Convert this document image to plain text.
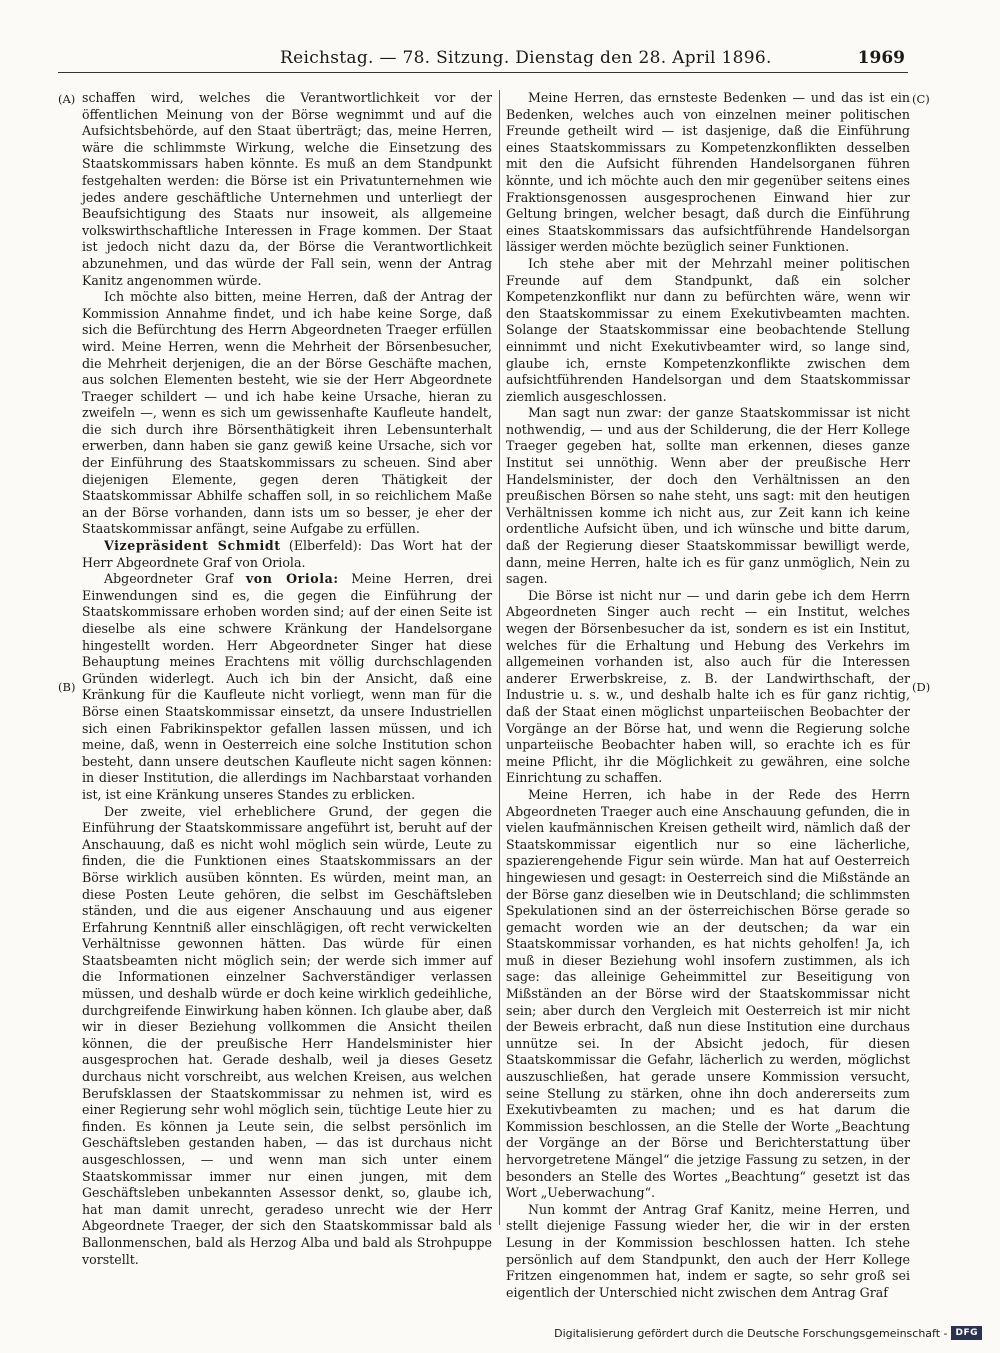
Reichstag. — 78. Sitzung. Dienstag den 28. April 1896.	1969
(A)
(B)
(C)
(D)

schaffen wird, welches die Verantwortlichkeit vor der öffentlichen Meinung von der Börse wegnimmt und auf die Aufsichtsbehörde, auf den Staat überträgt; das, meine Herren, wäre die schlimmste Wirkung, welche die Einsetzung des Staatskommissars haben könnte. Es muß an dem Standpunkt festgehalten werden: die Börse ist ein Privatunternehmen wie jedes andere geschäftliche Unternehmen und unterliegt der Beaufsichtigung des Staats nur insoweit, als allgemeine volkswirthschaftliche Interessen in Frage kommen. Der Staat ist jedoch nicht dazu da, der Börse die Verantwortlichkeit abzunehmen, und das würde der Fall sein, wenn der Antrag Kanitz angenommen würde.

Ich möchte also bitten, meine Herren, daß der Antrag der Kommission Annahme findet, und ich habe keine Sorge, daß sich die Befürchtung des Herrn Abgeordneten Traeger erfüllen wird. Meine Herren, wenn die Mehrheit der Börsenbesucher, die Mehrheit derjenigen, die an der Börse Geschäfte machen, aus solchen Elementen besteht, wie sie der Herr Abgeordnete Traeger schildert — und ich habe keine Ursache, hieran zu zweifeln —, wenn es sich um gewissenhafte Kaufleute handelt, die sich durch ihre Börsenthätigkeit ihren Lebensunterhalt erwerben, dann haben sie ganz gewiß keine Ursache, sich vor der Einführung des Staatskommissars zu scheuen. Sind aber diejenigen Elemente, gegen deren Thätigkeit der Staatskommissar Abhilfe schaffen soll, in so reichlichem Maße an der Börse vorhanden, dann ists um so besser, je eher der Staatskommissar anfängt, seine Aufgabe zu erfüllen.

Vizepräsident Schmidt (Elberfeld): Das Wort hat der Herr Abgeordnete Graf von Oriola.

Abgeordneter Graf von Oriola: Meine Herren, drei Einwendungen sind es, die gegen die Einführung der Staatskommissare erhoben worden sind; auf der einen Seite ist dieselbe als eine schwere Kränkung der Handelsorgane hingestellt worden. Herr Abgeordneter Singer hat diese Behauptung meines Erachtens mit völlig durchschlagenden Gründen widerlegt. Auch ich bin der Ansicht, daß eine Kränkung für die Kaufleute nicht vorliegt, wenn man für die Börse einen Staatskommissar einsetzt, da unsere Industriellen sich einen Fabrikinspektor gefallen lassen müssen, und ich meine, daß, wenn in Oesterreich eine solche Institution schon besteht, dann unsere deutschen Kaufleute nicht sagen können: in dieser Institution, die allerdings im Nachbarstaat vorhanden ist, ist eine Kränkung unseres Standes zu erblicken.

Der zweite, viel erheblichere Grund, der gegen die Einführung der Staatskommissare angeführt ist, beruht auf der Anschauung, daß es nicht wohl möglich sein würde, Leute zu finden, die die Funktionen eines Staatskommissars an der Börse wirklich ausüben könnten. Es würden, meint man, an diese Posten Leute gehören, die selbst im Geschäftsleben ständen, und die aus eigener Anschauung und aus eigener Erfahrung Kenntniß aller einschlägigen, oft recht verwickelten Verhältnisse gewonnen hätten. Das würde für einen Staatsbeamten nicht möglich sein; der werde sich immer auf die Informationen einzelner Sachverständiger verlassen müssen, und deshalb würde er doch keine wirklich gedeihliche, durchgreifende Einwirkung haben können. Ich glaube aber, daß wir in dieser Beziehung vollkommen die Ansicht theilen können, die der preußische Herr Handelsminister hier ausgesprochen hat. Gerade deshalb, weil ja dieses Gesetz durchaus nicht vorschreibt, aus welchen Kreisen, aus welchen Berufsklassen der Staatskommissar zu nehmen ist, wird es einer Regierung sehr wohl möglich sein, tüchtige Leute hier zu finden. Es können ja Leute sein, die selbst persönlich im Geschäftsleben gestanden haben, — das ist durchaus nicht ausgeschlossen, — und wenn man sich unter einem Staatskommissar immer nur einen jungen, mit dem Geschäftsleben unbekannten Assessor denkt, so, glaube ich, hat man damit unrecht, geradeso unrecht wie der Herr Abgeordnete Traeger, der sich den Staatskommissar bald als Ballonmenschen, bald als Herzog Alba und bald als Strohpuppe vorstellt.

Meine Herren, das ernsteste Bedenken — und das ist ein Bedenken, welches auch von einzelnen meiner politischen Freunde getheilt wird — ist dasjenige, daß die Einführung eines Staatskommissars zu Kompetenzkonflikten desselben mit den die Aufsicht führenden Handelsorganen führen könnte, und ich möchte auch den mir gegenüber seitens eines Fraktionsgenossen ausgesprochenen Einwand hier zur Geltung bringen, welcher besagt, daß durch die Einführung eines Staatskommissars das aufsichtführende Handelsorgan lässiger werden möchte bezüglich seiner Funktionen.

Ich stehe aber mit der Mehrzahl meiner politischen Freunde auf dem Standpunkt, daß ein solcher Kompetenzkonflikt nur dann zu befürchten wäre, wenn wir den Staatskommissar zu einem Exekutivbeamten machten. Solange der Staatskommissar eine beobachtende Stellung einnimmt und nicht Exekutivbeamter wird, so lange sind, glaube ich, ernste Kompetenzkonflikte zwischen dem aufsichtführenden Handelsorgan und dem Staatskommissar ziemlich ausgeschlossen.

Man sagt nun zwar: der ganze Staatskommissar ist nicht nothwendig, — und aus der Schilderung, die der Herr Kollege Traeger gegeben hat, sollte man erkennen, dieses ganze Institut sei unnöthig. Wenn aber der preußische Herr Handelsminister, der doch den Verhältnissen an den preußischen Börsen so nahe steht, uns sagt: mit den heutigen Verhältnissen komme ich nicht aus, zur Zeit kann ich keine ordentliche Aufsicht üben, und ich wünsche und bitte darum, daß der Regierung dieser Staatskommissar bewilligt werde, dann, meine Herren, halte ich es für ganz unmöglich, Nein zu sagen.

Die Börse ist nicht nur — und darin gebe ich dem Herrn Abgeordneten Singer auch recht — ein Institut, welches wegen der Börsenbesucher da ist, sondern es ist ein Institut, welches für die Erhaltung und Hebung des Verkehrs im allgemeinen vorhanden ist, also auch für die Interessen anderer Erwerbskreise, z. B. der Landwirthschaft, der Industrie u. s. w., und deshalb halte ich es für ganz richtig, daß der Staat einen möglichst unparteiischen Beobachter der Vorgänge an der Börse hat, und wenn die Regierung solche unparteiische Beobachter haben will, so erachte ich es für meine Pflicht, ihr die Möglichkeit zu gewähren, eine solche Einrichtung zu schaffen.

Meine Herren, ich habe in der Rede des Herrn Abgeordneten Traeger auch eine Anschauung gefunden, die in vielen kaufmännischen Kreisen getheilt wird, nämlich daß der Staatskommissar eigentlich nur so eine lächerliche, spazierengehende Figur sein würde. Man hat auf Oesterreich hingewiesen und gesagt: in Oesterreich sind die Mißstände an der Börse ganz dieselben wie in Deutschland; die schlimmsten Spekulationen sind an der österreichischen Börse gerade so gemacht worden wie an der deutschen; da war ein Staatskommissar vorhanden, es hat nichts geholfen! Ja, ich muß in dieser Beziehung wohl insofern zustimmen, als ich sage: das alleinige Geheimmittel zur Beseitigung von Mißständen an der Börse wird der Staatskommissar nicht sein; aber durch den Vergleich mit Oesterreich ist mir nicht der Beweis erbracht, daß nun diese Institution eine durchaus unnütze sei. In der Absicht jedoch, für diesen Staatskommissar die Gefahr, lächerlich zu werden, möglichst auszuschließen, hat gerade unsere Kommission versucht, seine Stellung zu stärken, ohne ihn doch andererseits zum Exekutivbeamten zu machen; und es hat darum die Kommission beschlossen, an die Stelle der Worte „Beachtung der Vorgänge an der Börse und Berichterstattung über hervorgetretene Mängel“ die jetzige Fassung zu setzen, in der besonders an Stelle des Wortes „Beachtung“ gesetzt ist das Wort „Ueberwachung“.

Nun kommt der Antrag Graf Kanitz, meine Herren, und stellt diejenige Fassung wieder her, die wir in der ersten Lesung in der Kommission beschlossen hatten. Ich stehe persönlich auf dem Standpunkt, den auch der Herr Kollege Fritzen eingenommen hat, indem er sagte, so sehr groß sei eigentlich der Unterschied nicht zwischen dem Antrag Graf

Digitalisierung gefördert durch die Deutsche Forschungsgemeinschaft - DFG
